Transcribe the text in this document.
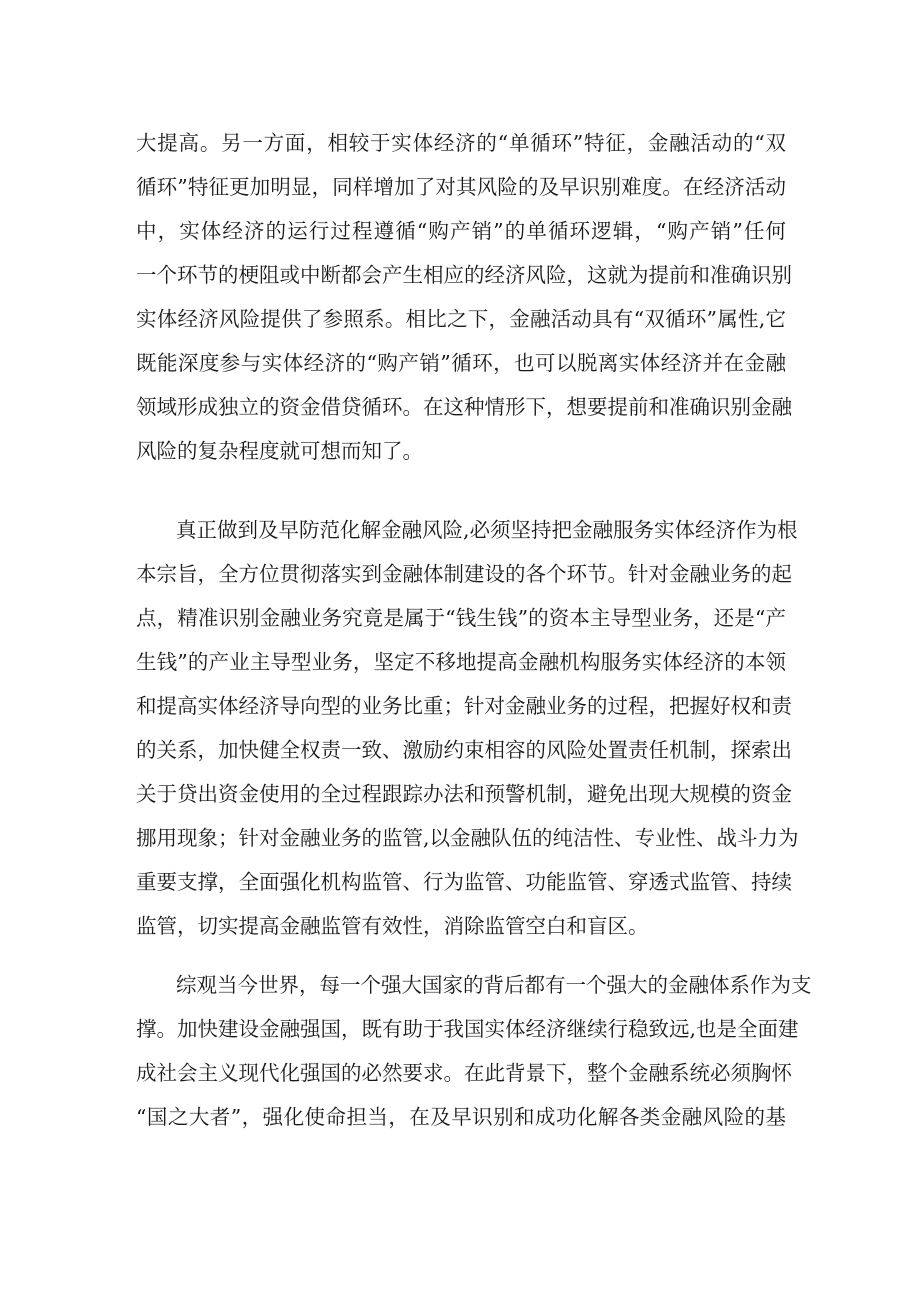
大提高。另一方面，相较于实体经济的“单循环”特征，金融活动的“双
循环”特征更加明显，同样增加了对其风险的及早识别难度。在经济活动
中，实体经济的运行过程遵循“购产销”的单循环逻辑，“购产销”任何
一个环节的梗阻或中断都会产生相应的经济风险，这就为提前和准确识别
实体经济风险提供了参照系。相比之下，金融活动具有“双循环”属性,它
既能深度参与实体经济的“购产销”循环，也可以脱离实体经济并在金融
领域形成独立的资金借贷循环。在这种情形下，想要提前和准确识别金融
风险的复杂程度就可想而知了。
真正做到及早防范化解金融风险,必须坚持把金融服务实体经济作为根
本宗旨，全方位贯彻落实到金融体制建设的各个环节。针对金融业务的起
点，精准识别金融业务究竟是属于“钱生钱”的资本主导型业务，还是“产
生钱”的产业主导型业务，坚定不移地提高金融机构服务实体经济的本领
和提高实体经济导向型的业务比重；针对金融业务的过程，把握好权和责
的关系，加快健全权责一致、激励约束相容的风险处置责任机制，探索出
关于贷出资金使用的全过程跟踪办法和预警机制，避免出现大规模的资金
挪用现象；针对金融业务的监管,以金融队伍的纯洁性、专业性、战斗力为
重要支撑，全面强化机构监管、行为监管、功能监管、穿透式监管、持续
监管，切实提高金融监管有效性，消除监管空白和盲区。
综观当今世界，每一个强大国家的背后都有一个强大的金融体系作为支
撑。加快建设金融强国，既有助于我国实体经济继续行稳致远,也是全面建
成社会主义现代化强国的必然要求。在此背景下，整个金融系统必须胸怀
“国之大者”，强化使命担当，在及早识别和成功化解各类金融风险的基
